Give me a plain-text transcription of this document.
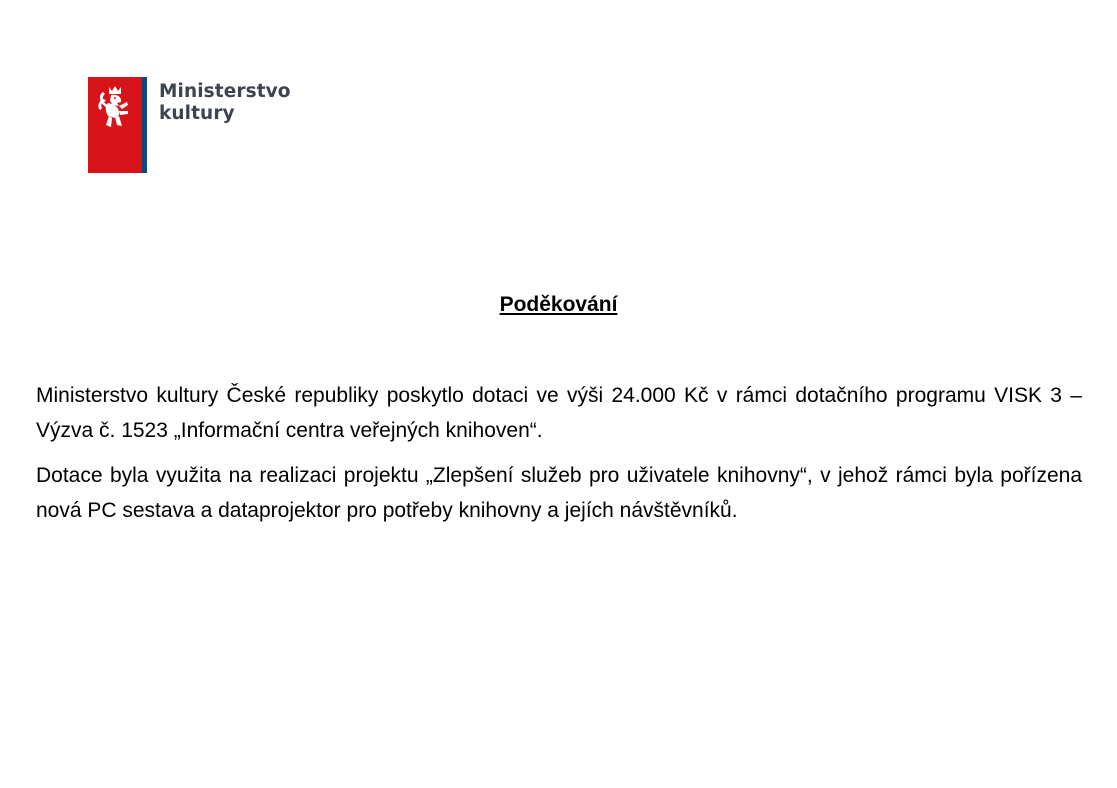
Ministerstvo
kultury
Poděkování

Ministerstvo kultury České republiky poskytlo dotaci ve výši 24.000 Kč v rámci dotačního programu VISK 3 – Výzva č. 1523 „Informační centra veřejných knihoven“.

Dotace byla využita na realizaci projektu „Zlepšení služeb pro uživatele knihovny“, v jehož rámci byla pořízena nová PC sestava a dataprojektor pro potřeby knihovny a jejích návštěvníků.
